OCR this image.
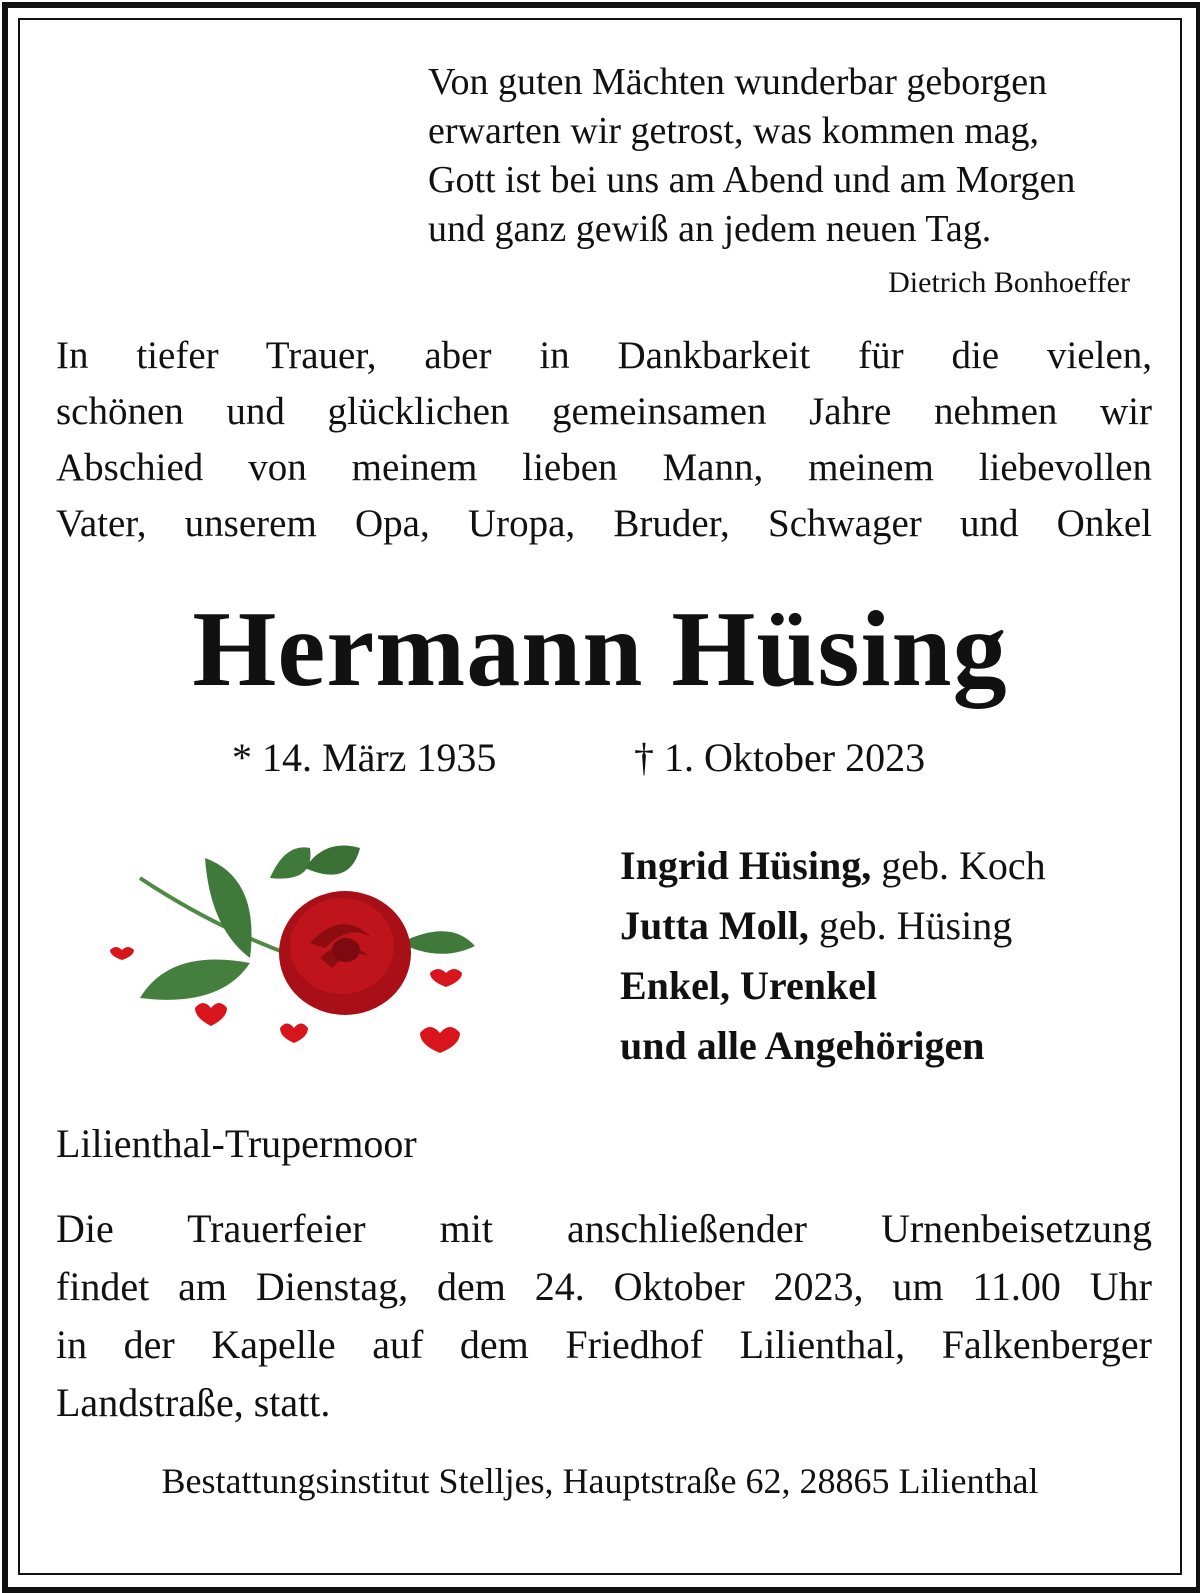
Von guten Mächten wunderbar geborgen
erwarten wir getrost, was kommen mag,
Gott ist bei uns am Abend und am Morgen
und ganz gewiß an jedem neuen Tag.
Dietrich Bonhoeffer
In tiefer Trauer, aber in Dankbarkeit für die vielen,
schönen und glücklichen gemeinsamen Jahre nehmen wir
Abschied von meinem lieben Mann, meinem liebevollen
Vater, unserem Opa, Uropa, Bruder, Schwager und Onkel
Hermann Hüsing
* 14. März 1935	† 1. Oktober 2023
Ingrid Hüsing, geb. Koch
Jutta Moll, geb. Hüsing
Enkel, Urenkel
und alle Angehörigen
Lilienthal-Trupermoor
Die Trauerfeier mit anschließender Urnenbeisetzung
findet am Dienstag, dem 24. Oktober 2023, um 11.00 Uhr
in der Kapelle auf dem Friedhof Lilienthal, Falkenberger
Landstraße, statt.
Bestattungsinstitut Stelljes, Hauptstraße 62, 28865 Lilienthal
